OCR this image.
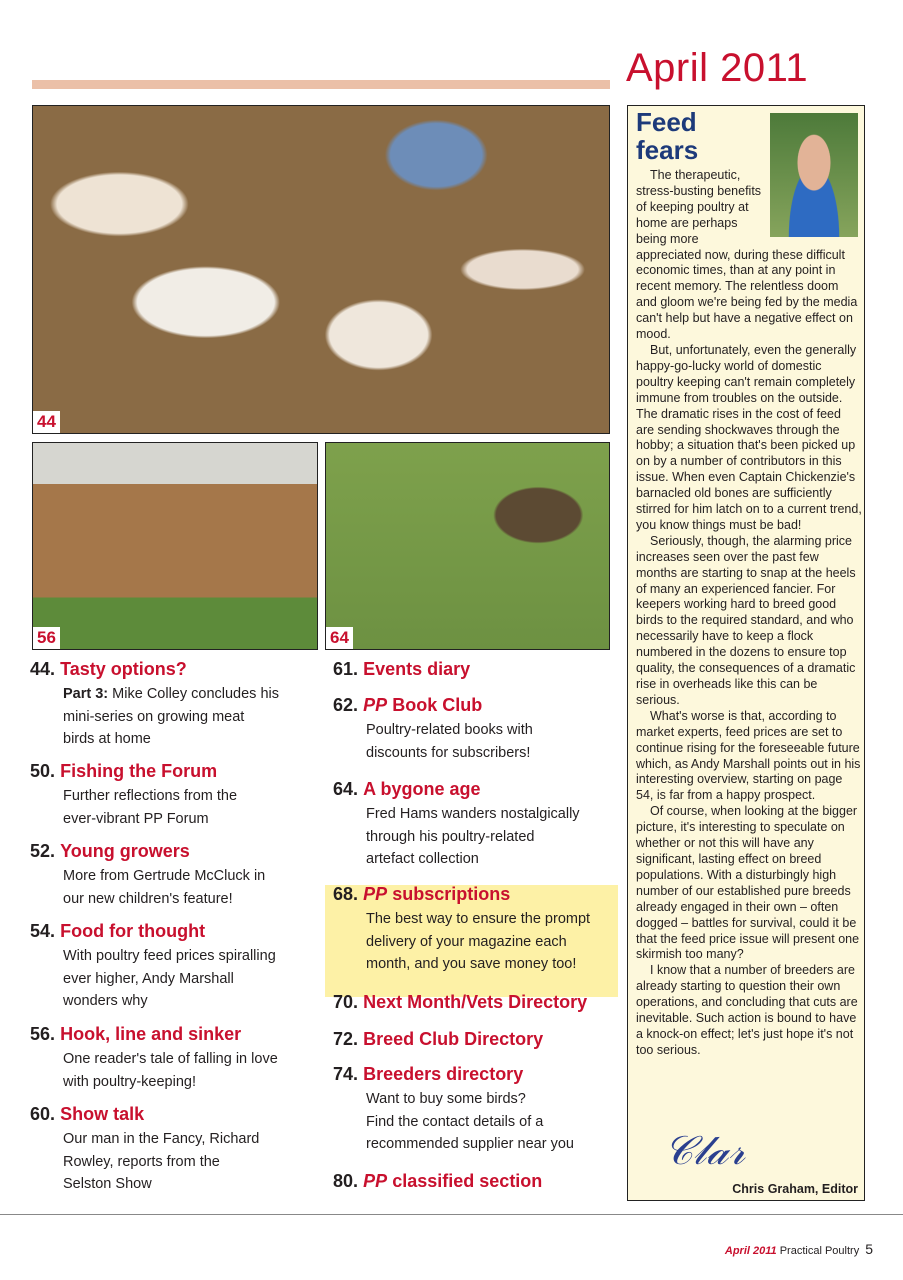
April 2011
44
56	64
44. Tasty options?
Part 3: Mike Colley concludes his
mini-series on growing meat
birds at home
50. Fishing the Forum
Further reflections from the
ever-vibrant PP Forum
52. Young growers
More from Gertrude McCluck in
our new children's feature!
54. Food for thought
With poultry feed prices spiralling
ever higher, Andy Marshall
wonders why
56. Hook, line and sinker
One reader's tale of falling in love
with poultry-keeping!
60. Show talk
Our man in the Fancy, Richard
Rowley, reports from the
Selston Show
61. Events diary
62. PP Book Club
Poultry-related books with
discounts for subscribers!
64. A bygone age
Fred Hams wanders nostalgically
through his poultry-related
artefact collection
68. PP subscriptions
The best way to ensure the prompt
delivery of your magazine each
month, and you save money too!
70. Next Month/Vets Directory
72. Breed Club Directory
74. Breeders directory
Want to buy some birds?
Find the contact details of a
recommended supplier near you
80. PP classified section
Feed
fears

The therapeutic, stress-busting benefits of keeping poultry at home are perhaps being more appreciated now, during these difficult economic times, than at any point in recent memory. The relentless doom and gloom we're being fed by the media can't help but have a negative effect on mood.

But, unfortunately, even the generally happy-go-lucky world of domestic poultry keeping can't remain completely immune from troubles on the outside. The dramatic rises in the cost of feed are sending shockwaves through the hobby; a situation that's been picked up on by a number of contributors in this issue. When even Captain Chickenzie's barnacled old bones are sufficiently stirred for him latch on to a current trend, you know things must be bad!

Seriously, though, the alarming price increases seen over the past few months are starting to snap at the heels of many an experienced fancier. For keepers working hard to breed good birds to the required standard, and who necessarily have to keep a flock numbered in the dozens to ensure top quality, the consequences of a dramatic rise in overheads like this can be serious.

What's worse is that, according to market experts, feed prices are set to continue rising for the foreseeable future which, as Andy Marshall points out in his interesting overview, starting on page 54, is far from a happy prospect.

Of course, when looking at the bigger picture, it's interesting to speculate on whether or not this will have any significant, lasting effect on breed populations. With a disturbingly high number of our established pure breeds already engaged in their own – often dogged – battles for survival, could it be that the feed price issue will present one skirmish too many?

I know that a number of breeders are already starting to question their own operations, and concluding that cuts are inevitable. Such action is bound to have a knock-on effect; let's just hope it's not too serious.

𝒞𝓁𝒶𝓇
Chris Graham, Editor
April 2011 Practical Poultry 5
